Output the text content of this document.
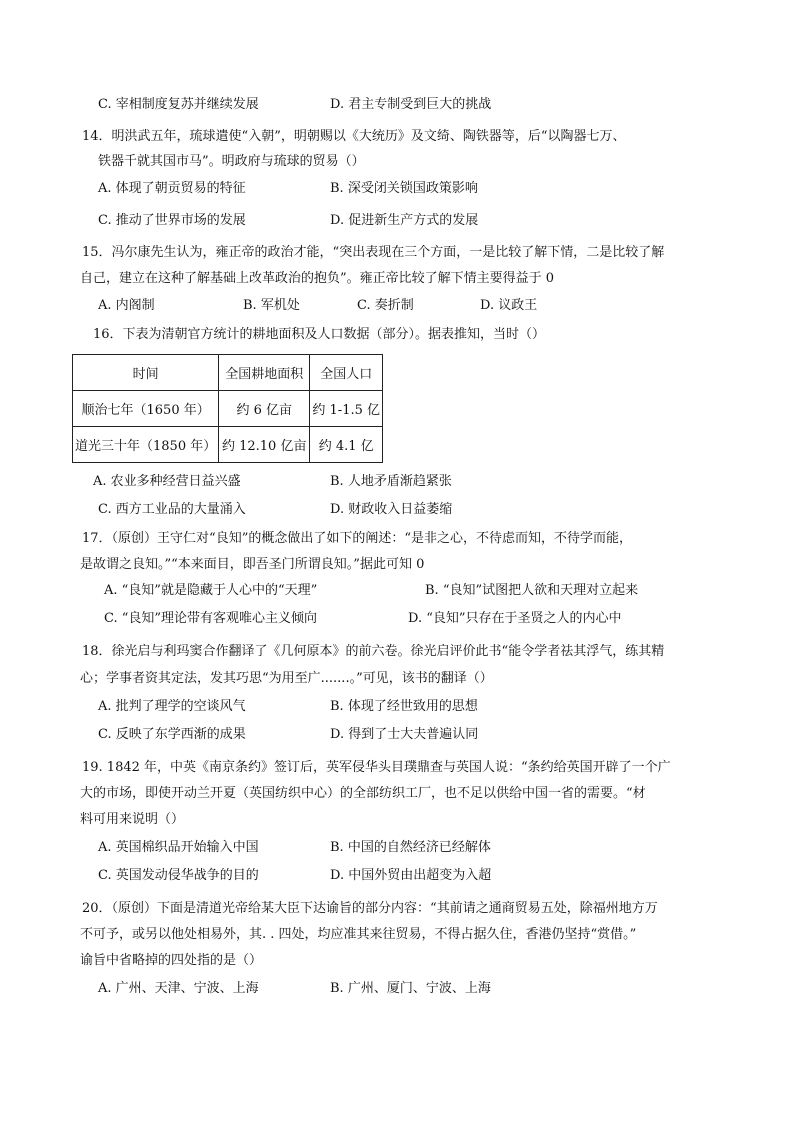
C. 宰相制度复苏并继续发展	D. 君主专制受到巨大的挑战
14．明洪武五年，琉球遣使“入朝”，明朝赐以《大统历》及文绮、陶铁器等，后“以陶器七万、
铁器千就其国市马”。明政府与琉球的贸易（）
A. 体现了朝贡贸易的特征	B. 深受闭关锁国政策影响
C. 推动了世界市场的发展	D. 促进新生产方式的发展
15．冯尔康先生认为，雍正帝的政治才能，“突出表现在三个方面，一是比较了解下情，二是比较了解
自己，建立在这种了解基础上改革政治的抱负”。雍正帝比较了解下情主要得益于 0
A. 内阁制	B. 军机处	C. 奏折制	D. 议政王
16．下表为清朝官方统计的耕地面积及人口数据（部分）。据表推知，当时（）
时间	全国耕地面积	全国人口
顺治七年（1650 年）	约 6 亿亩	约 1-1.5 亿
道光三十年（1850 年）	约 12.10 亿亩	约 4.1 亿
A. 农业多种经营日益兴盛	B. 人地矛盾渐趋紧张
C. 西方工业品的大量涌入	D. 财政收入日益萎缩
17．（原创）王守仁对“良知”的概念做出了如下的阐述：“是非之心，不待虑而知，不待学而能，
是故谓之良知。”“本来面目，即吾圣门所谓良知。”据此可知 0
A. “良知”就是隐藏于人心中的“天理”	B. “良知”试图把人欲和天理对立起来
C. “良知”理论带有客观唯心主义倾向	D. “良知”只存在于圣贤之人的内心中
18．徐光启与利玛窦合作翻译了《几何原本》的前六卷。徐光启评价此书“能令学者祛其浮气，练其精
心；学事者资其定法，发其巧思“为用至广.......。”可见，该书的翻译（）
A. 批判了理学的空谈风气	B. 体现了经世致用的思想
C. 反映了东学西渐的成果	D. 得到了士大夫普遍认同
19. 1842 年，中英《南京条约》签订后，英军侵华头目璞鼎查与英国人说：“条约给英国开辟了一个广
大的市场，即使开动兰开夏（英国纺织中心）的全部纺织工厂，也不足以供给中国一省的需要。“材
料可用来说明（）
A. 英国棉织品开始输入中国	B. 中国的自然经济已经解体
C. 英国发动侵华战争的目的	D. 中国外贸由出超变为入超
20．（原创）下面是清道光帝给某大臣下达谕旨的部分内容：“其前请之通商贸易五处，除福州地方万
不可予，或另以他处相易外，其. . 四处，均应准其来往贸易，不得占据久住，香港仍坚持“赏借。”
谕旨中省略掉的四处指的是（）
A. 广州、天津、宁波、上海	B. 广州、厦门、宁波、上海
